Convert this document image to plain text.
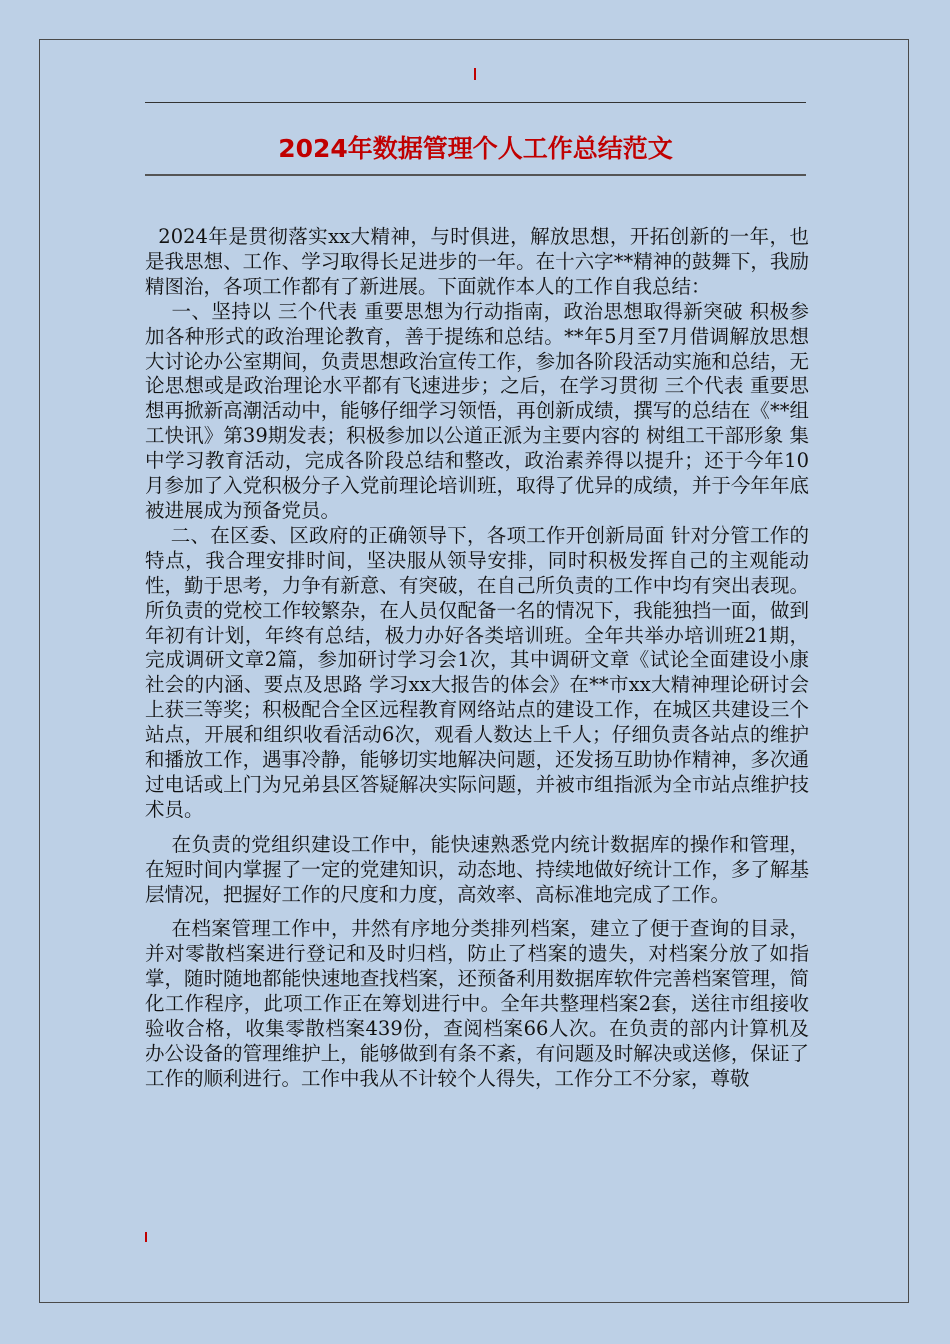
2024年数据管理个人工作总结范文

2024年是贯彻落实xx大精神，与时俱进，解放思想，开拓创新的一年，也是我思想、工作、学习取得长足进步的一年。在十六字**精神的鼓舞下，我励精图治，各项工作都有了新进展。下面就作本人的工作自我总结：

一、坚持以 三个代表 重要思想为行动指南，政治思想取得新突破 积极参加各种形式的政治理论教育，善于提练和总结。**年5月至7月借调解放思想大讨论办公室期间，负责思想政治宣传工作，参加各阶段活动实施和总结，无论思想或是政治理论水平都有飞速进步；之后，在学习贯彻 三个代表 重要思想再掀新高潮活动中，能够仔细学习领悟，再创新成绩，撰写的总结在《**组工快讯》第39期发表；积极参加以公道正派为主要内容的 树组工干部形象 集中学习教育活动，完成各阶段总结和整改，政治素养得以提升；还于今年10月参加了入党积极分子入党前理论培训班，取得了优异的成绩，并于今年年底被进展成为预备党员。

二、在区委、区政府的正确领导下，各项工作开创新局面 针对分管工作的特点，我合理安排时间，坚决服从领导安排，同时积极发挥自己的主观能动性，勤于思考，力争有新意、有突破，在自己所负责的工作中均有突出表现。所负责的党校工作较繁杂，在人员仅配备一名的情况下，我能独挡一面，做到年初有计划，年终有总结，极力办好各类培训班。全年共举办培训班21期，完成调研文章2篇，参加研讨学习会1次，其中调研文章《试论全面建设小康社会的内涵、要点及思路 学习xx大报告的体会》在**市xx大精神理论研讨会上获三等奖；积极配合全区远程教育网络站点的建设工作，在城区共建设三个站点，开展和组织收看活动6次，观看人数达上千人；仔细负责各站点的维护和播放工作，遇事冷静，能够切实地解决问题，还发扬互助协作精神，多次通过电话或上门为兄弟县区答疑解决实际问题，并被市组指派为全市站点维护技术员。

在负责的党组织建设工作中，能快速熟悉党内统计数据库的操作和管理，在短时间内掌握了一定的党建知识，动态地、持续地做好统计工作，多了解基层情况，把握好工作的尺度和力度，高效率、高标准地完成了工作。

在档案管理工作中，井然有序地分类排列档案，建立了便于查询的目录，并对零散档案进行登记和及时归档，防止了档案的遗失，对档案分放了如指掌，随时随地都能快速地查找档案，还预备利用数据库软件完善档案管理，简化工作程序，此项工作正在筹划进行中。全年共整理档案2套，送往市组接收验收合格，收集零散档案439份，查阅档案66人次。在负责的部内计算机及办公设备的管理维护上，能够做到有条不紊，有问题及时解决或送修，保证了工作的顺利进行。工作中我从不计较个人得失，工作分工不分家，尊敬
